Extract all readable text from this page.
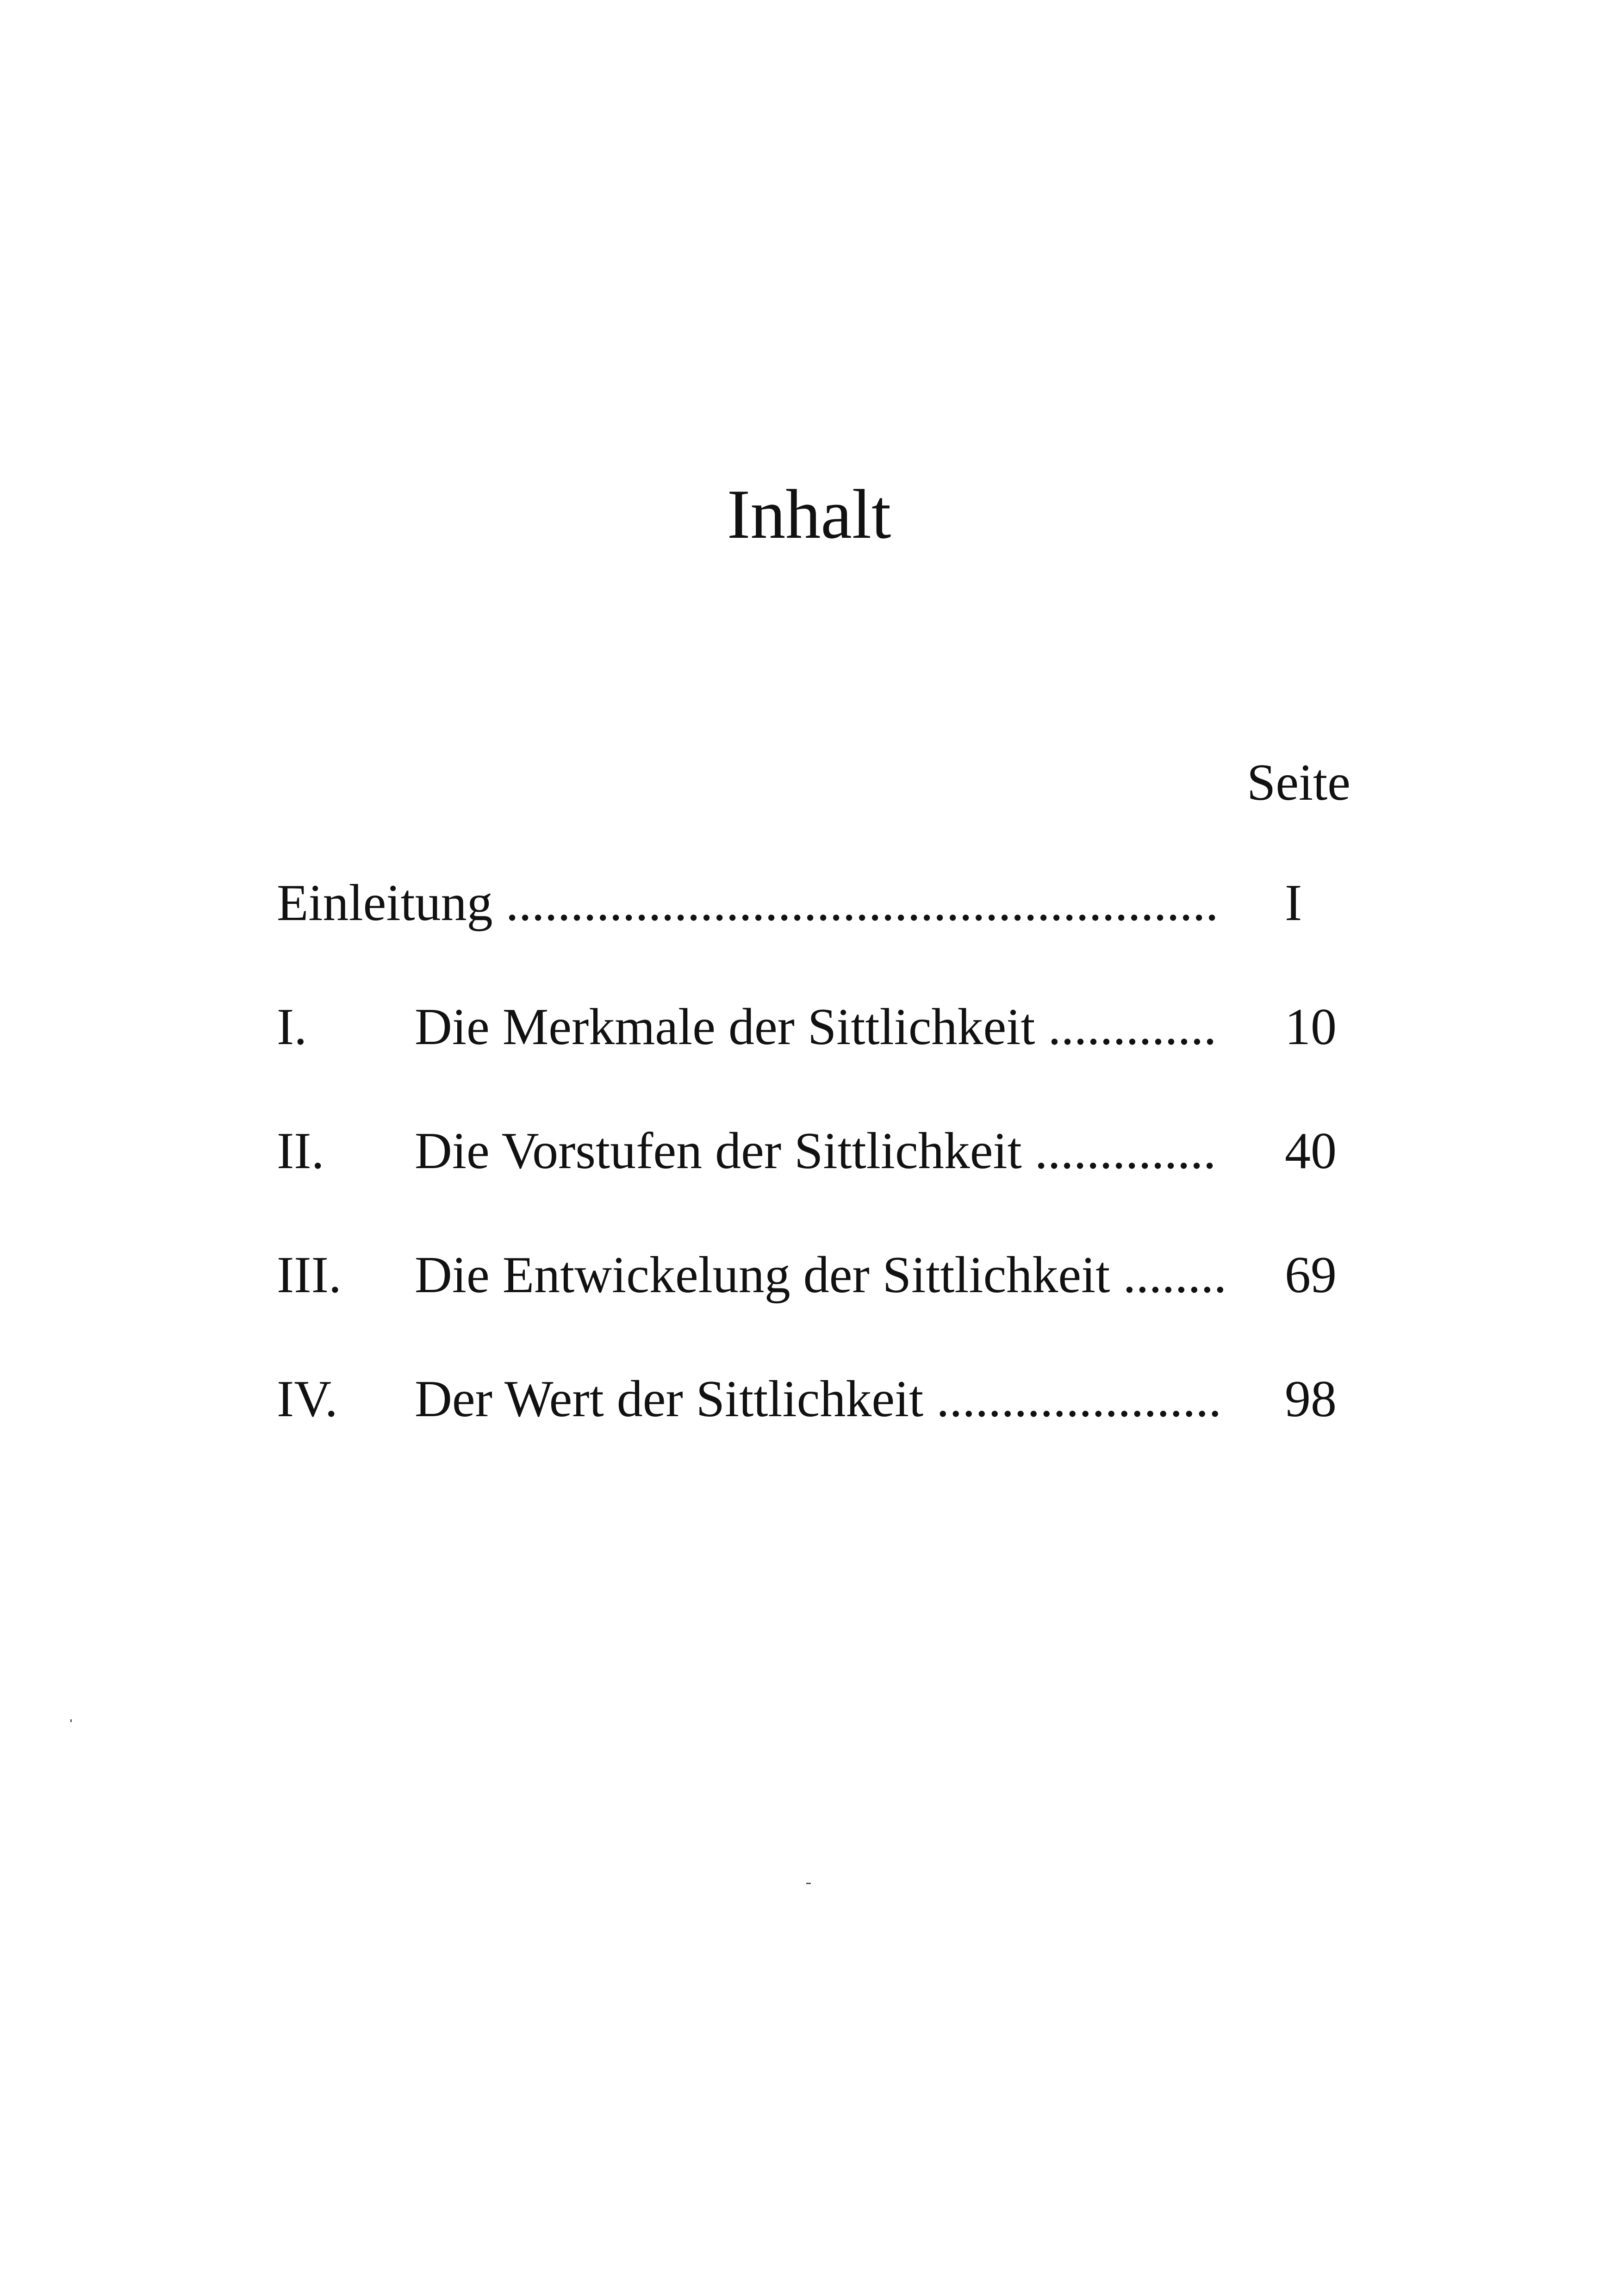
Inhalt
Seite
Einleitung ....................................................... I
I. Die Merkmale der Sittlichkeit ............. 10
II. Die Vorstufen der Sittlichkeit .............. 40
III. Die Entwickelung der Sittlichkeit ........ 69
IV. Der Wert der Sittlichkeit ...................... 98
